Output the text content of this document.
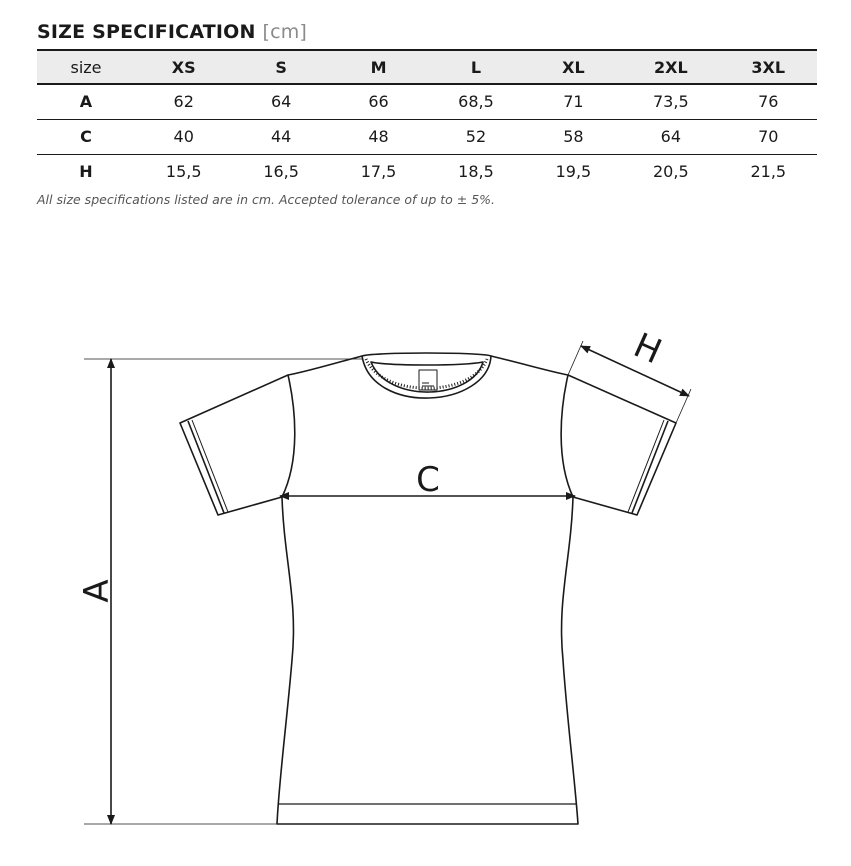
SIZE SPECIFICATION [cm]
size	XS	S	M	L	XL	2XL	3XL
A	62	64	66	68,5	71	73,5	76
C	40	44	48	52	58	64	70
H	15,5	16,5	17,5	18,5	19,5	20,5	21,5

All size specifications listed are in cm. Accepted tolerance of up to ± 5%.

A
C
H
